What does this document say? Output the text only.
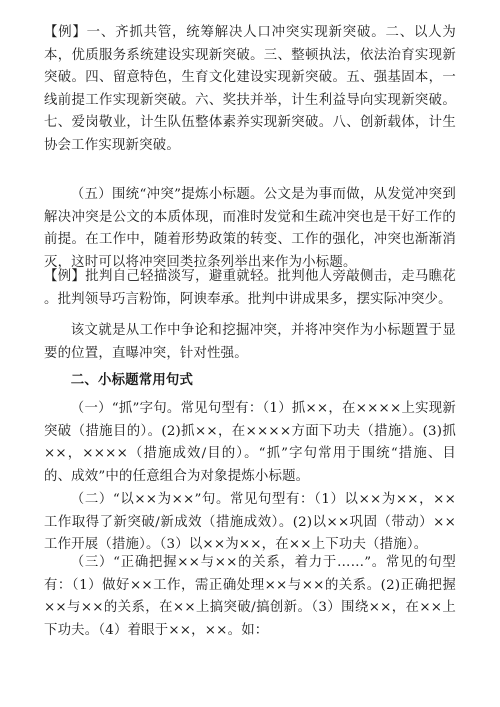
【例】一、齐抓共管，统筹解决人口冲突实现新突破。二、以人为本，优质服务系统建设实现新突破。三、整顿执法，依法治育实现新突破。四、留意特色，生育文化建设实现新突破。五、强基固本，一线前提工作实现新突破。六、奖扶并举，计生利益导向实现新突破。七、爱岗敬业，计生队伍整体素养实现新突破。八、创新载体，计生协会工作实现新突破。

（五）围统“冲突”提炼小标题。公文是为事而做，从发觉冲突到解决冲突是公文的本质体现，而准时发觉和生疏冲突也是干好工作的前提。在工作中，随着形势政策的转变、工作的强化，冲突也渐渐消灭，这时可以将冲突回类拉条列举出来作为小标题。

【例】批判自己轻描淡写，避重就轻。批判他人旁敲侧击，走马瞧花 。批判领导巧言粉饰，阿谀奉承。批判中讲成果多，摆实际冲突少。

该文就是从工作中争论和挖掘冲突，并将冲突作为小标题置于显要的位置，直曝冲突，针对性强。

二、小标题常用句式

（一）“抓”字句。常见句型有：（1）抓××，在××××上实现新突破（措施目的）。(2)抓××，在××××方面下功夫（措施）。(3)抓××，××××（措施成效/目的）。“抓”字句常用于围统“措施、目的、成效”中的任意组合为对象提炼小标题。

（二）“以××为××”句。常见句型有：（1）以××为××，××工作取得了新突破/新成效（措施成效）。(2)以××巩固（带动）××工作开展（措施）。（3）以××为××，在××上下功夫（措施）。

（三）“正确把握××与××的关系，着力于……”。常见的句型有：（1）做好××工作，需正确处理××与××的关系。(2)正确把握××与××的关系，在××上搞突破/搞创新。（3）围绕××，在××上下功夫。（4）着眼于××，××。如：
